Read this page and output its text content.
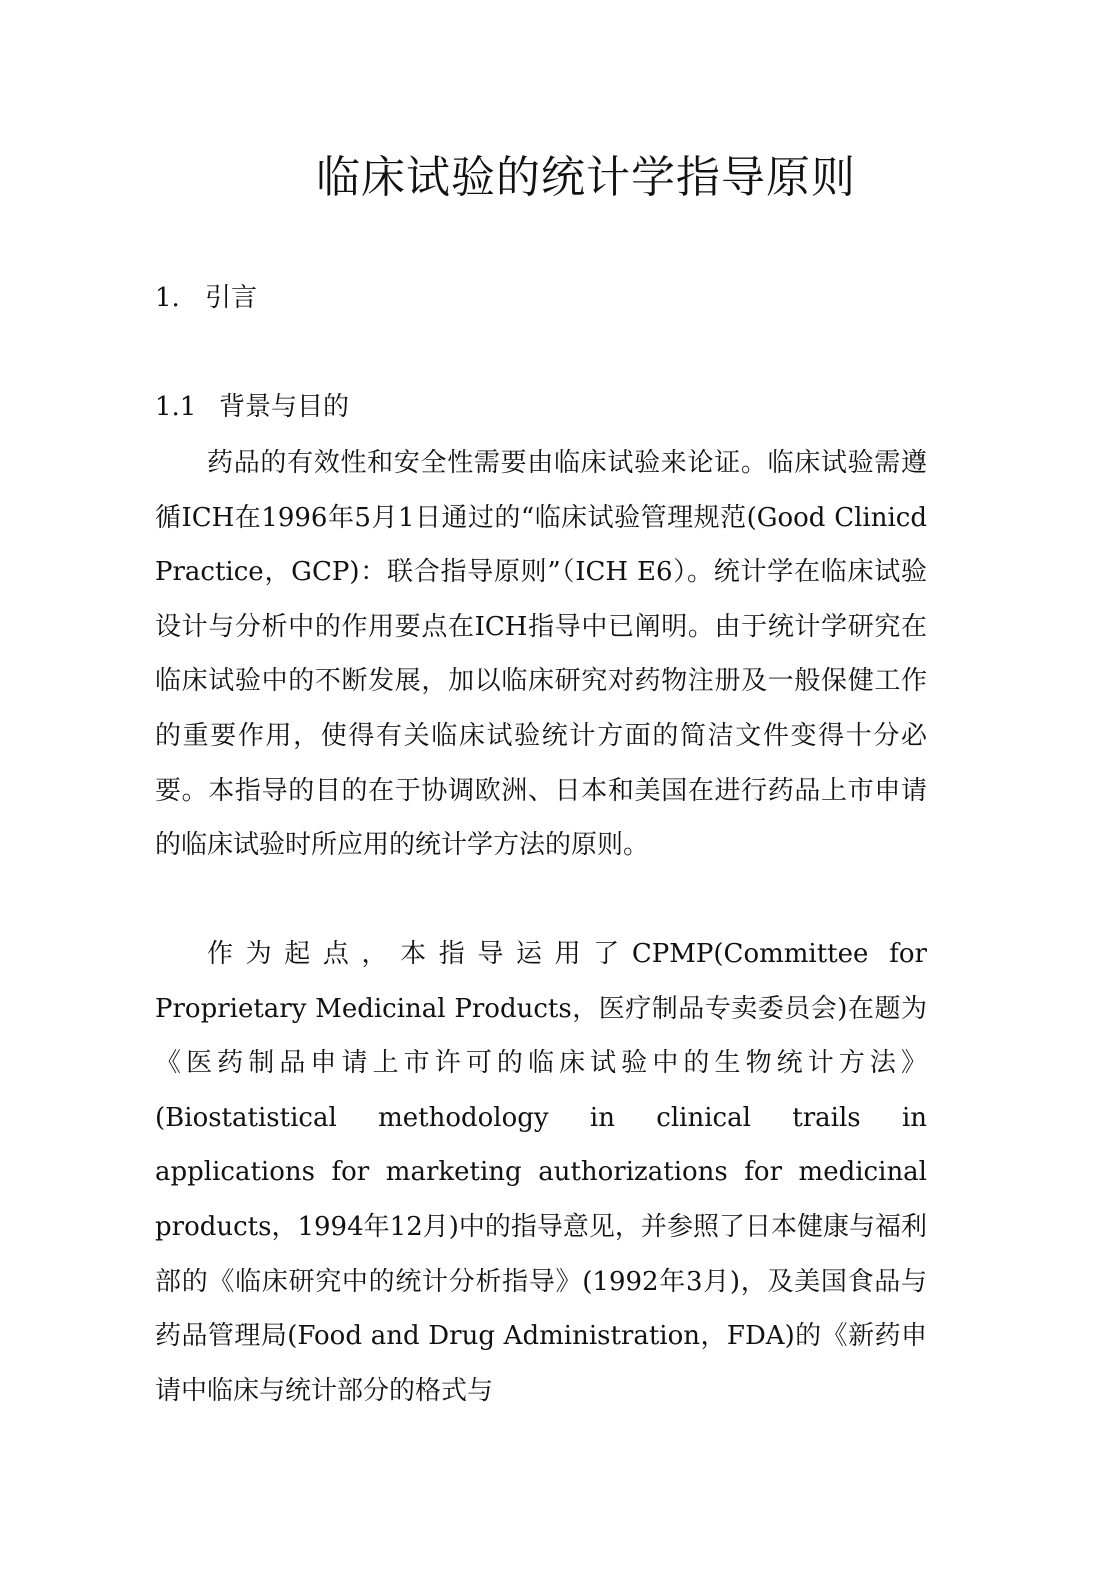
临床试验的统计学指导原则
1. 引言
1.1 背景与目的

药品的有效性和安全性需要由临床试验来论证。临床试验需遵循ICH在1996年5月1日通过的“临床试验管理规范(Good Clinicd Practice，GCP)：联合指导原则”（ICH E6）。统计学在临床试验设计与分析中的作用要点在ICH指导中已阐明。由于统计学研究在临床试验中的不断发展，加以临床研究对药物注册及一般保健工作的重要作用，使得有关临床试验统计方面的简洁文件变得十分必要。本指导的目的在于协调欧洲、日本和美国在进行药品上市申请的临床试验时所应用的统计学方法的原则。

作为起点，本指导运用了CPMP(Committee for Proprietary Medicinal Products，医疗制品专卖委员会)在题为《医药制品申请上市许可的临床试验中的生物统计方法》(Biostatistical methodology in clinical trails in applications for marketing authorizations for medicinal products，1994年12月)中的指导意见，并参照了日本健康与福利部的《临床研究中的统计分析指导》(1992年3月)，及美国食品与药品管理局(Food and Drug Administration，FDA)的《新药申请中临床与统计部分的格式与
